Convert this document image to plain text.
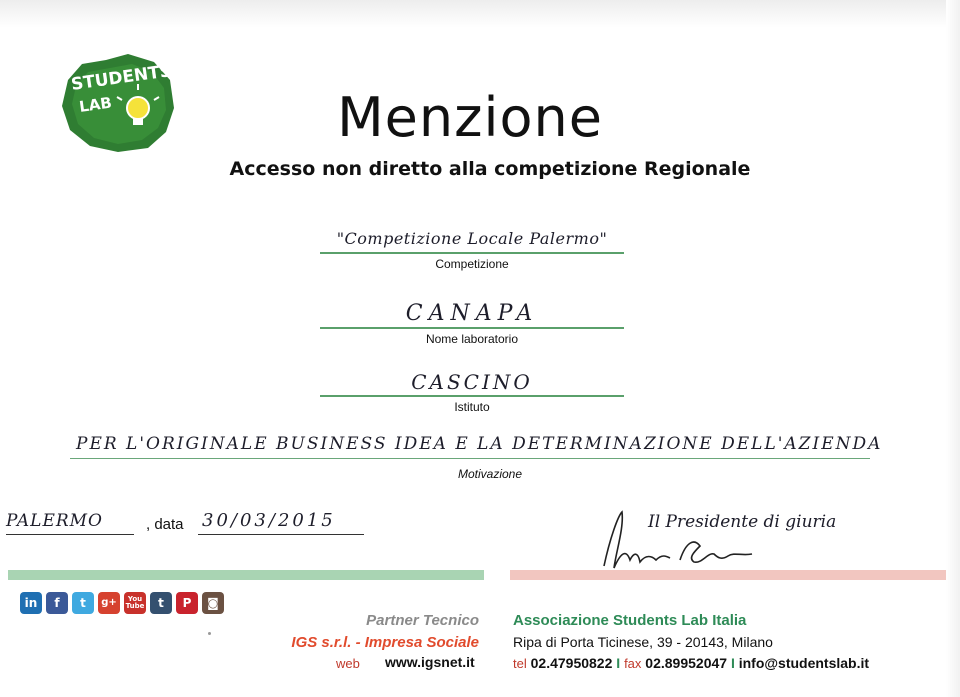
STUDENTS
LAB	Menzione
Accesso non diretto alla competizione Regionale
"Competizione Locale Palermo"
Competizione
CANAPA
Nome laboratorio
CASCINO
Istituto
PER L'ORIGINALE BUSINESS IDEA E LA DETERMINAZIONE DELL'AZIENDA
Motivazione
PALERMO	, data 30/03/2015	Il Presidente di giuria
in	f	t	g+	You
Tube	t	P	◙
Partner Tecnico
IGS s.r.l. - Impresa Sociale
web www.igsnet.it
Associazione Students Lab Italia
Ripa di Porta Ticinese, 39 - 20143, Milano
tel 02.47950822 I fax 02.89952047 I info@studentslab.it
